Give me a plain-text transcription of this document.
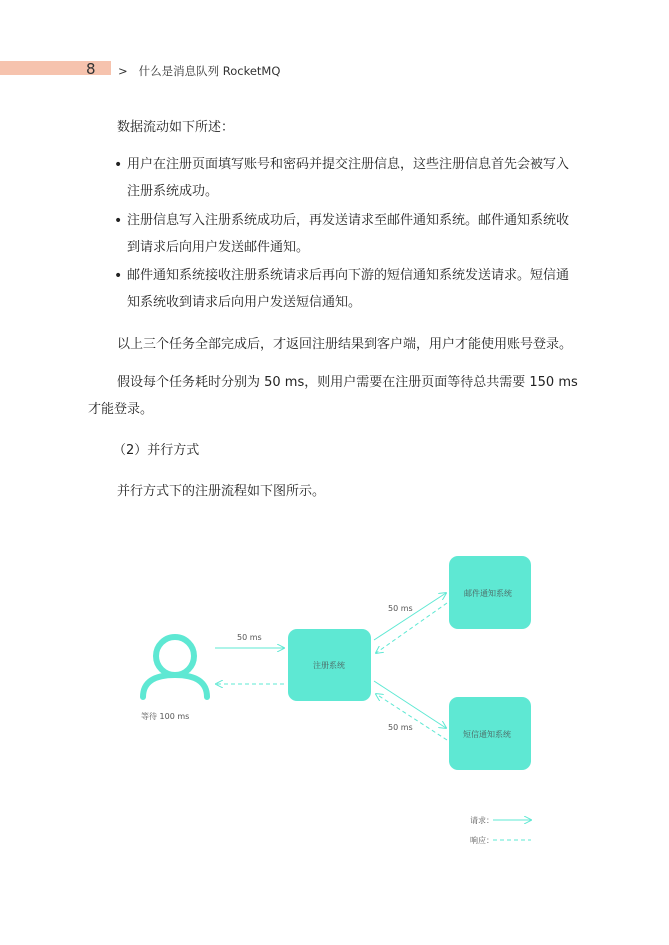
8 > 什么是消息队列 RocketMQ
数据流动如下所述：
• 用户在注册页面填写账号和密码并提交注册信息，这些注册信息首先会被写入
注册系统成功。
• 注册信息写入注册系统成功后，再发送请求至邮件通知系统。邮件通知系统收
到请求后向用户发送邮件通知。
• 邮件通知系统接收注册系统请求后再向下游的短信通知系统发送请求。短信通
知系统收到请求后向用户发送短信通知。
以上三个任务全部完成后，才返回注册结果到客户端，用户才能使用账号登录。
假设每个任务耗时分别为 50 ms，则用户需要在注册页面等待总共需要 150 ms
才能登录。
（2）并行方式
并行方式下的注册流程如下图所示。
等待 100 ms
50 ms
注册系统
邮件通知系统
短信通知系统
50 ms
50 ms
请求：
响应：
